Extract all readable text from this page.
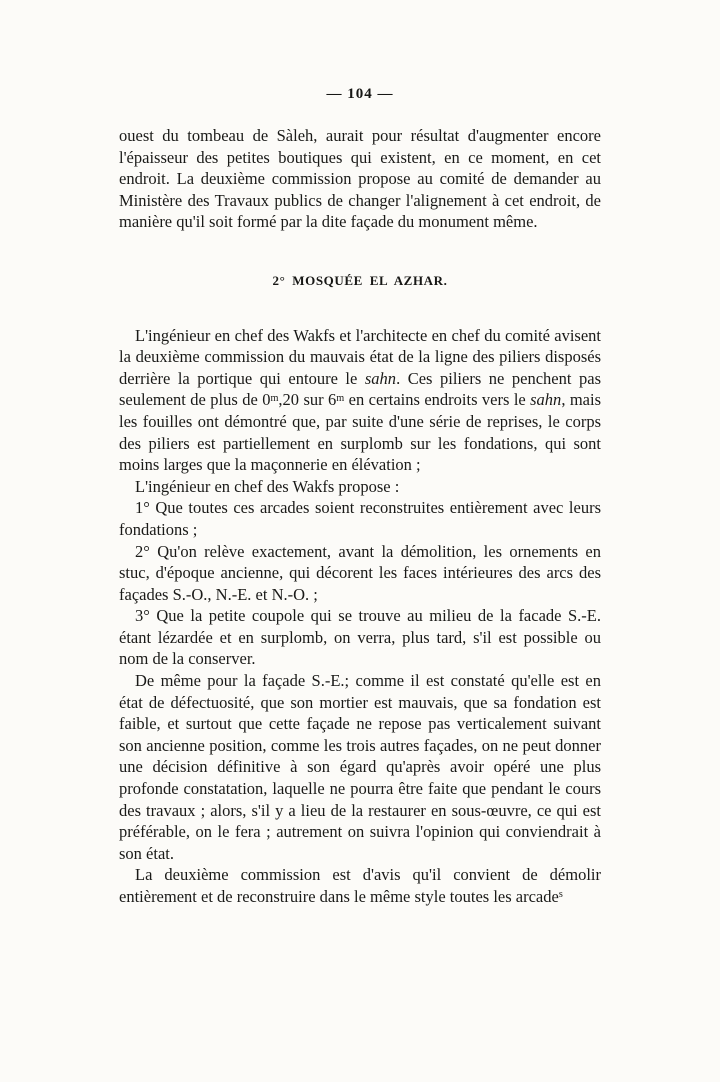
— 104 —

ouest du tombeau de Sàleh, aurait pour résultat d'augmenter encore l'épaisseur des petites boutiques qui existent, en ce moment, en cet endroit. La deuxième commission propose au comité de demander au Ministère des Travaux publics de changer l'alignement à cet endroit, de manière qu'il soit formé par la dite façade du monument même.

2° MOSQUÉE EL AZHAR.

L'ingénieur en chef des Wakfs et l'architecte en chef du comité avisent la deuxième commission du mauvais état de la ligne des piliers disposés derrière la portique qui entoure le sahn. Ces piliers ne penchent pas seulement de plus de 0$^m$,20 sur 6$^m$ en certains endroits vers le sahn, mais les fouilles ont démontré que, par suite d'une série de reprises, le corps des piliers est partiellement en surplomb sur les fondations, qui sont moins larges que la maçonnerie en élévation ;

L'ingénieur en chef des Wakfs propose :

1° Que toutes ces arcades soient reconstruites entièrement avec leurs fondations ;

2° Qu'on relève exactement, avant la démolition, les ornements en stuc, d'époque ancienne, qui décorent les faces intérieures des arcs des façades S.-O., N.-E. et N.-O. ;

3° Que la petite coupole qui se trouve au milieu de la facade S.-E. étant lézardée et en surplomb, on verra, plus tard, s'il est possible ou nom de la conserver.

De même pour la façade S.-E.; comme il est constaté qu'elle est en état de défectuosité, que son mortier est mauvais, que sa fondation est faible, et surtout que cette façade ne repose pas verticalement suivant son ancienne position, comme les trois autres façades, on ne peut donner une décision définitive à son égard qu'après avoir opéré une plus profonde constatation, laquelle ne pourra être faite que pendant le cours des travaux ; alors, s'il y a lieu de la restaurer en sous-œuvre, ce qui est préférable, on le fera ; autrement on suivra l'opinion qui conviendrait à son état.

La deuxième commission est d'avis qu'il convient de démolir entièrement et de reconstruire dans le même style toutes les arcade$^s$
